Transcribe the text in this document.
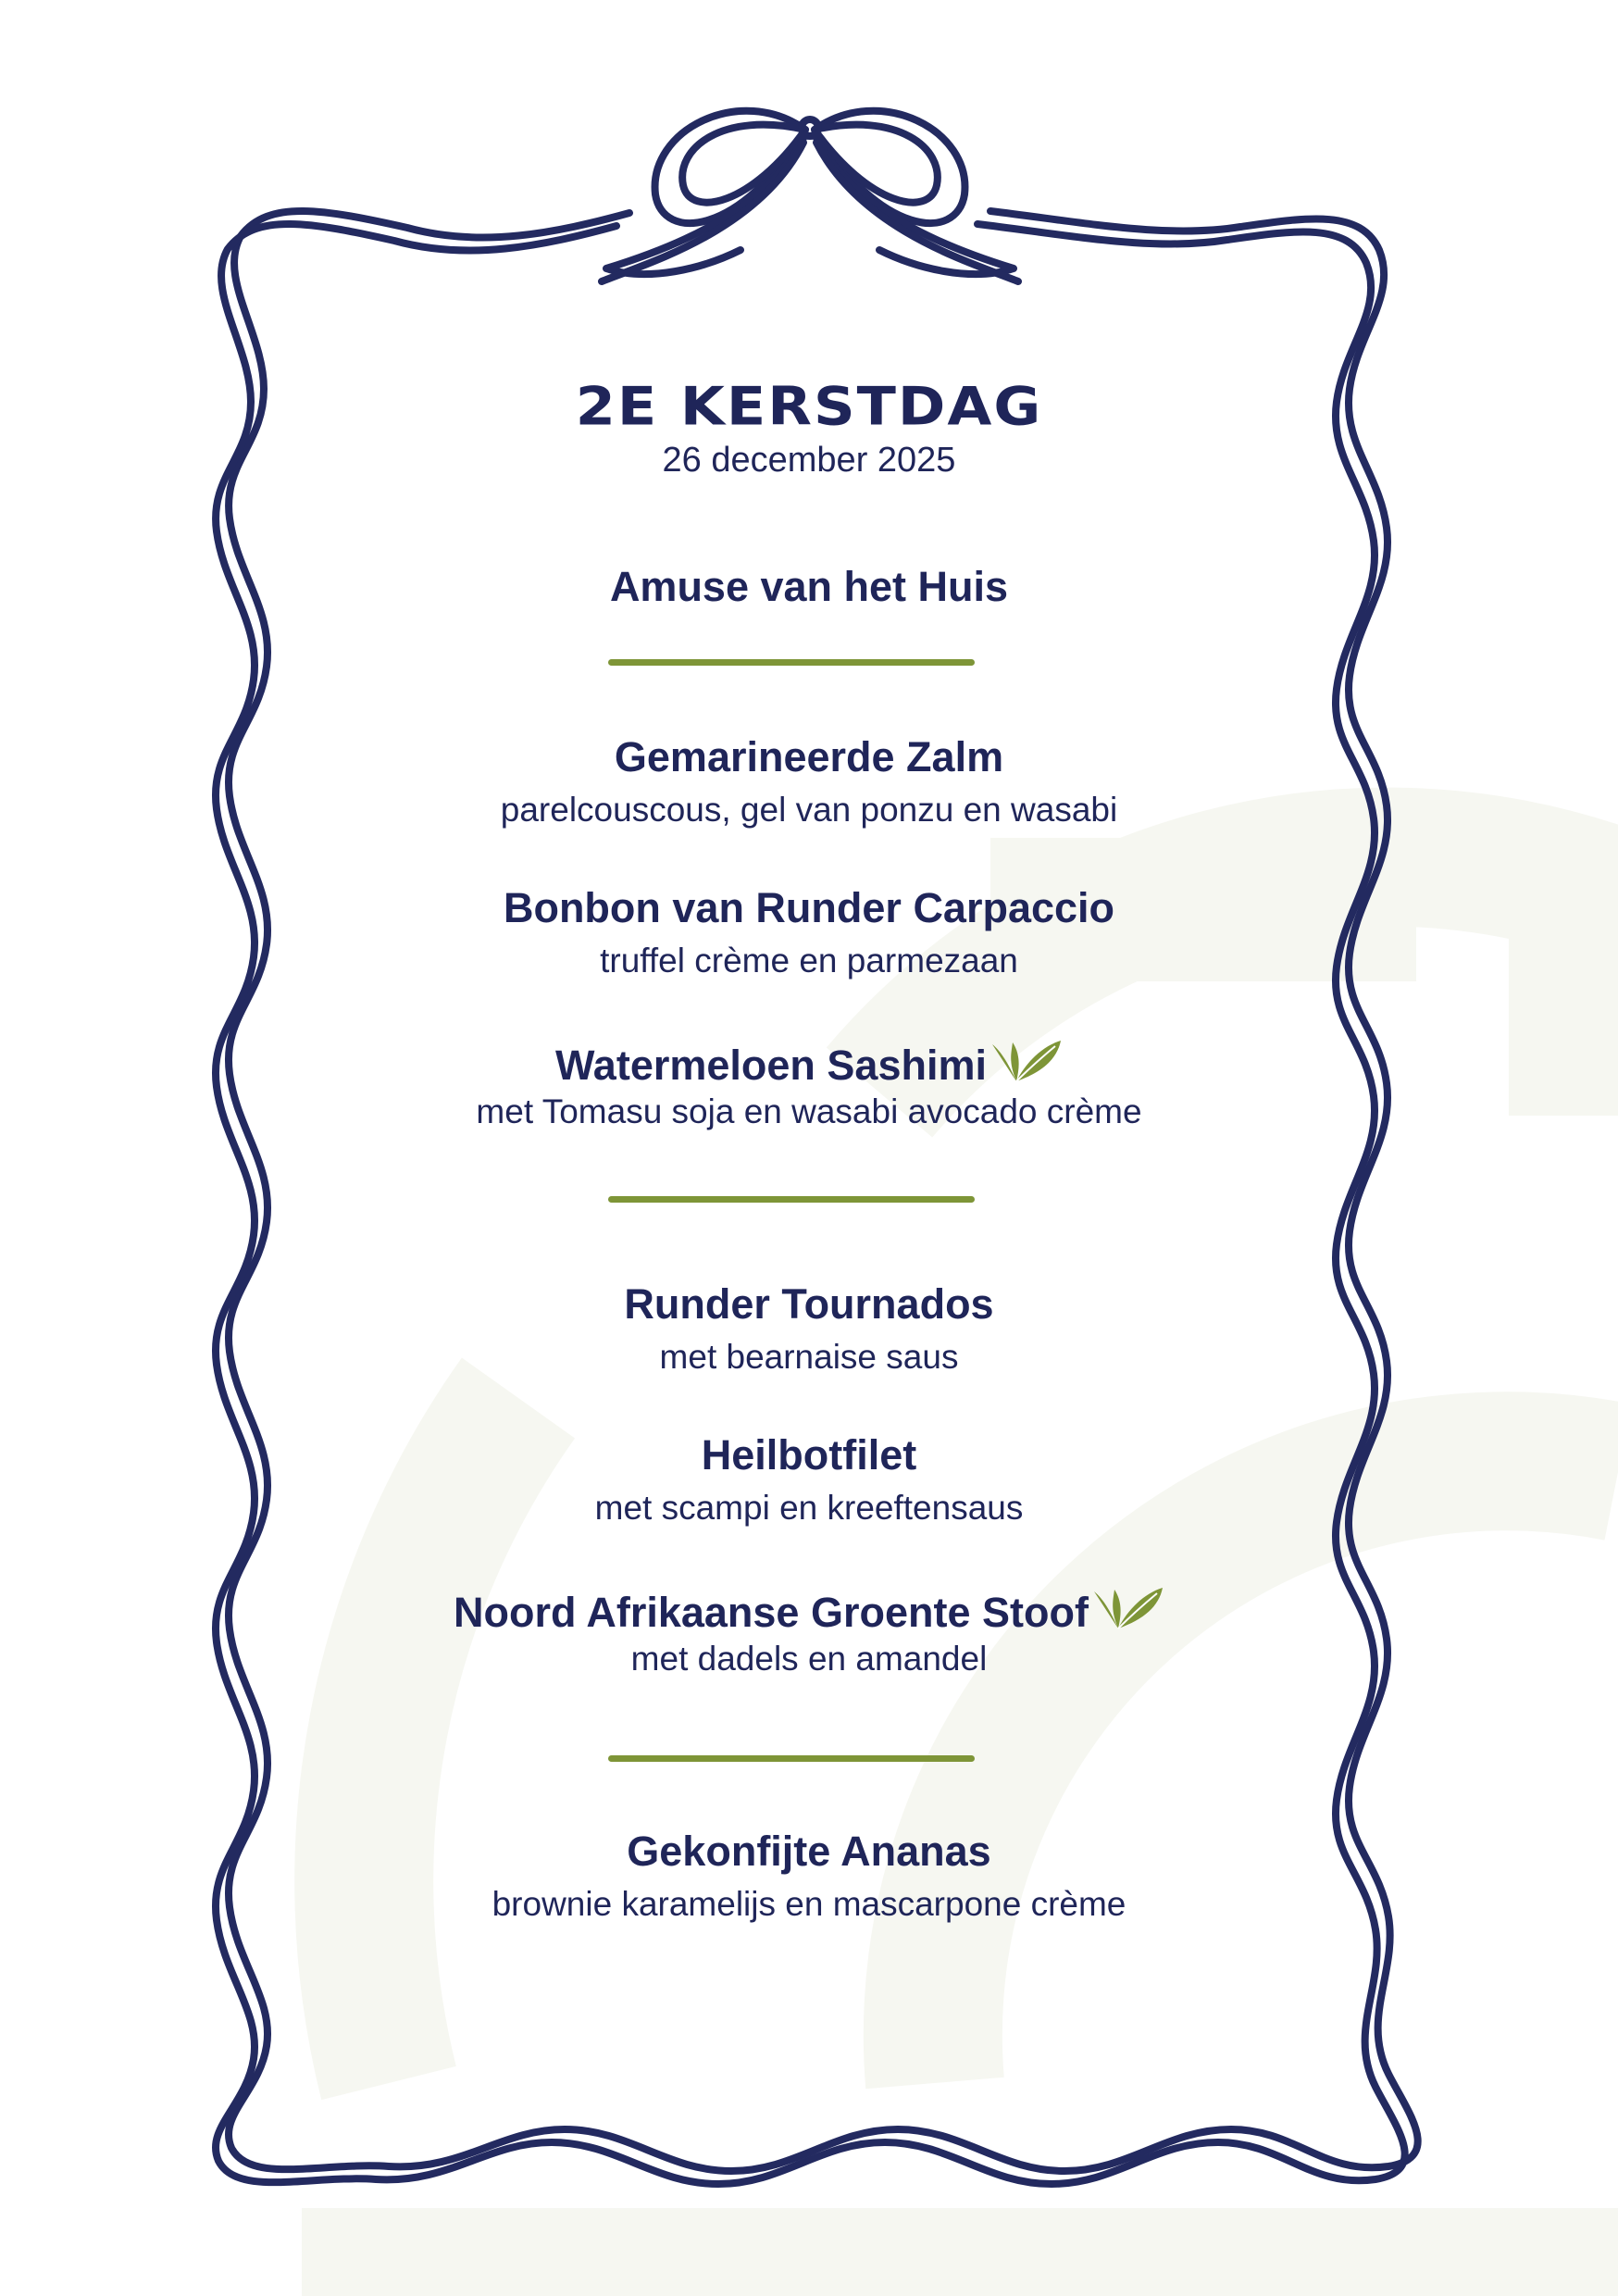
2E KERSTDAG
26 december 2025
Amuse van het Huis
Gemarineerde Zalm
parelcouscous, gel van ponzu en wasabi
Bonbon van Runder Carpaccio
truffel crème en parmezaan
Watermeloen Sashimi
met Tomasu soja en wasabi avocado crème
Runder Tournados
met bearnaise saus
Heilbotfilet
met scampi en kreeftensaus
Noord Afrikaanse Groente Stoof
met dadels en amandel
Gekonfijte Ananas
brownie karamelijs en mascarpone crème
